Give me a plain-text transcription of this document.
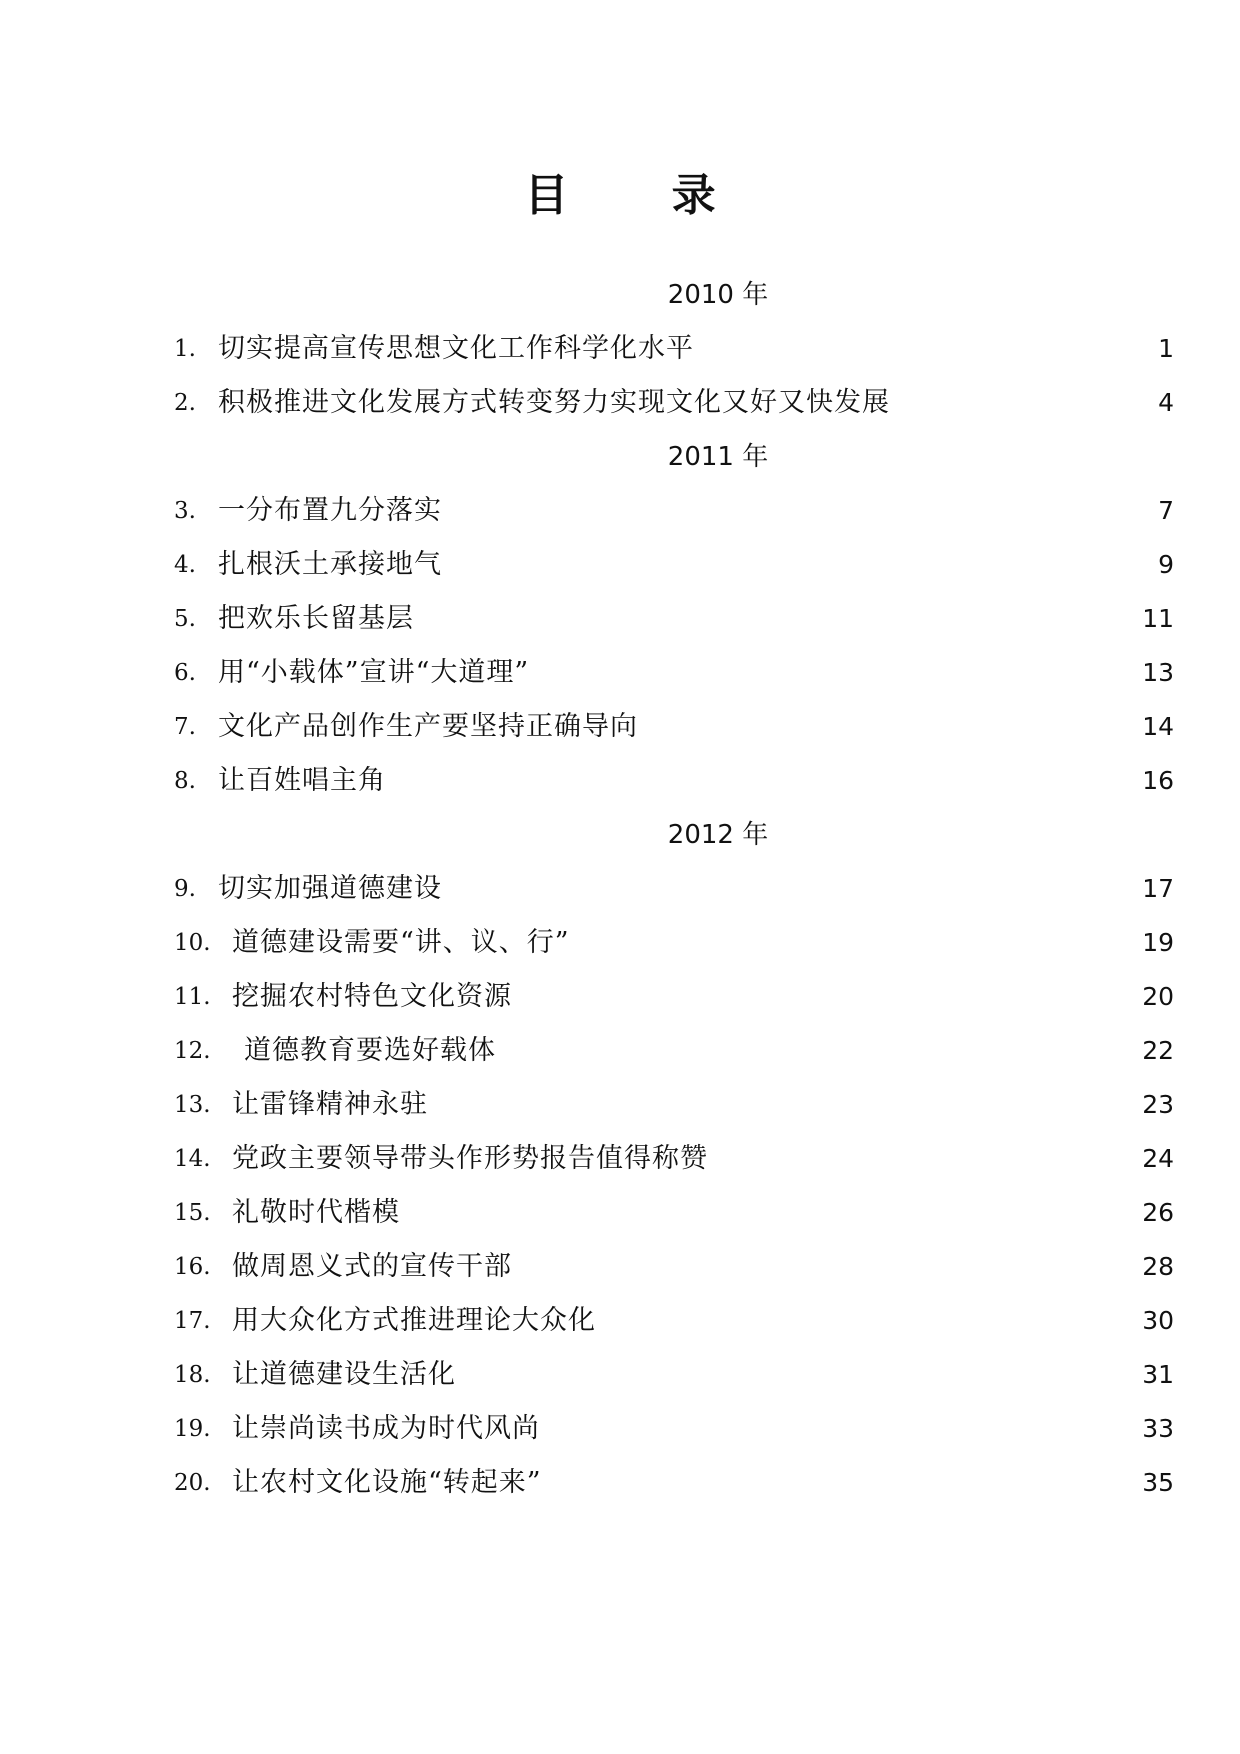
目 录
2010 年
1. 切实提高宣传思想文化工作科学化水平	1
2. 积极推进文化发展方式转变努力实现文化又好又快发展	4
2011 年
3. 一分布置九分落实	7
4. 扎根沃土承接地气	9
5. 把欢乐长留基层	11
6. 用“小载体”宣讲“大道理”	13
7. 文化产品创作生产要坚持正确导向	14
8. 让百姓唱主角	16
2012 年
9. 切实加强道德建设	17
10. 道德建设需要“讲、议、行”	19
11. 挖掘农村特色文化资源	20
12.	道德教育要选好载体	22
13. 让雷锋精神永驻	23
14. 党政主要领导带头作形势报告值得称赞	24
15. 礼敬时代楷模	26
16. 做周恩义式的宣传干部	28
17. 用大众化方式推进理论大众化	30
18. 让道德建设生活化	31
19. 让崇尚读书成为时代风尚	33
20. 让农村文化设施“转起来”	35
